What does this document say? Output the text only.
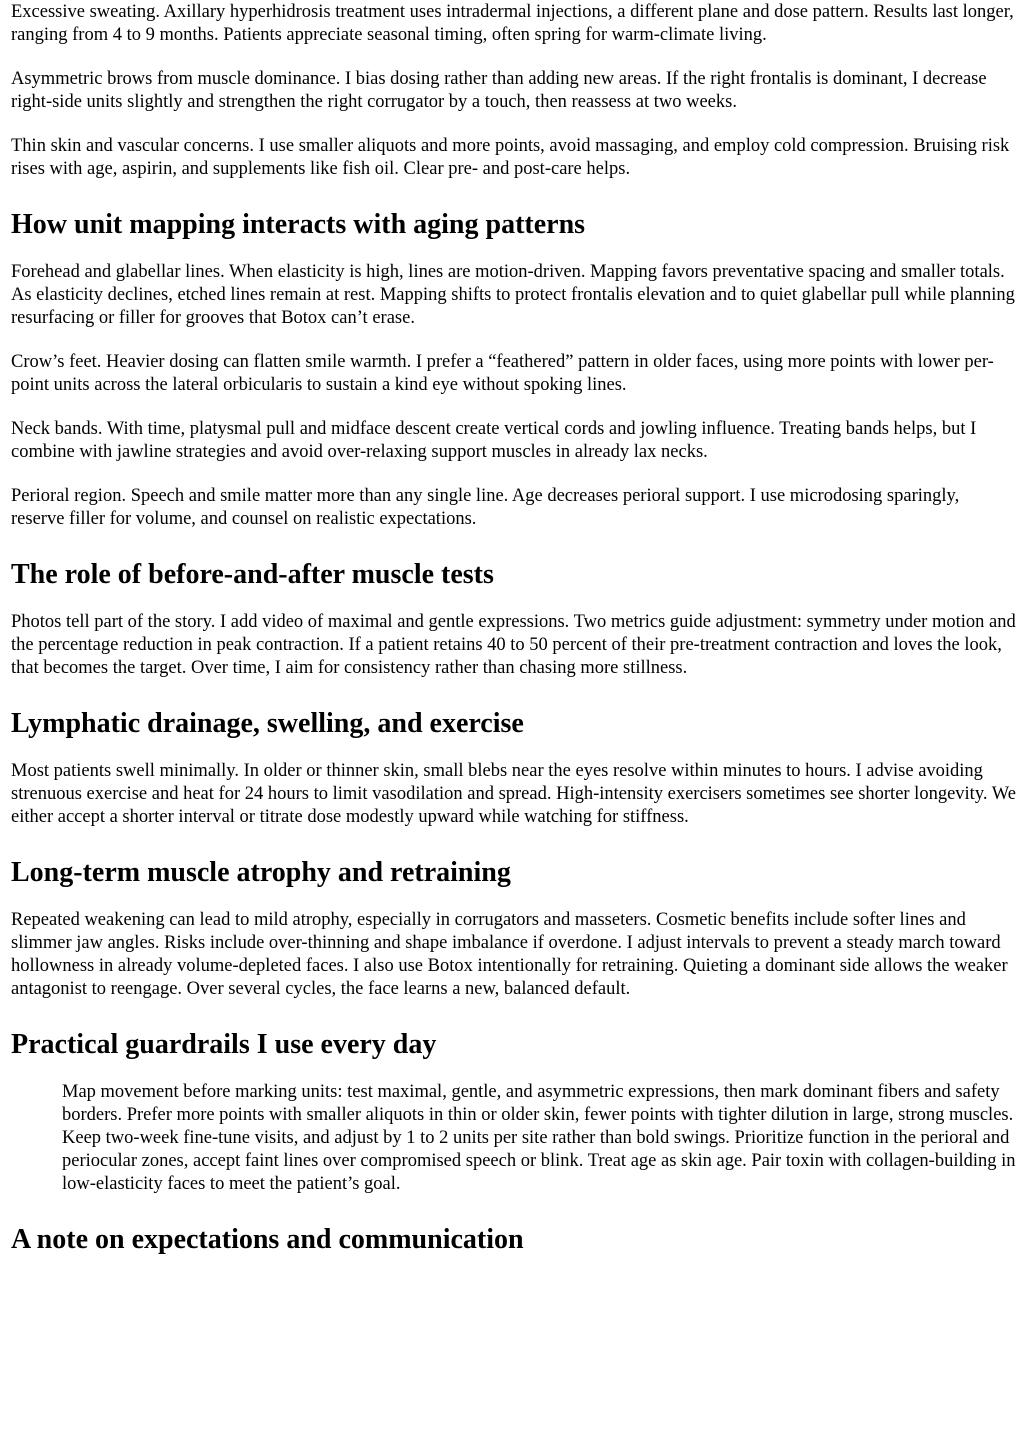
Excessive sweating. Axillary hyperhidrosis treatment uses intradermal injections, a different plane and dose pattern. Results last longer, ranging from 4 to 9 months. Patients appreciate seasonal timing, often spring for warm-climate living.

Asymmetric brows from muscle dominance. I bias dosing rather than adding new areas. If the right frontalis is dominant, I decrease right-side units slightly and strengthen the right corrugator by a touch, then reassess at two weeks.

Thin skin and vascular concerns. I use smaller aliquots and more points, avoid massaging, and employ cold compression. Bruising risk rises with age, aspirin, and supplements like fish oil. Clear pre- and post-care helps.

How unit mapping interacts with aging patterns

Forehead and glabellar lines. When elasticity is high, lines are motion-driven. Mapping favors preventative spacing and smaller totals. As elasticity declines, etched lines remain at rest. Mapping shifts to protect frontalis elevation and to quiet glabellar pull while planning resurfacing or filler for grooves that Botox can’t erase.

Crow’s feet. Heavier dosing can flatten smile warmth. I prefer a “feathered” pattern in older faces, using more points with lower per-point units across the lateral orbicularis to sustain a kind eye without spoking lines.

Neck bands. With time, platysmal pull and midface descent create vertical cords and jowling influence. Treating bands helps, but I combine with jawline strategies and avoid over-relaxing support muscles in already lax necks.

Perioral region. Speech and smile matter more than any single line. Age decreases perioral support. I use microdosing sparingly, reserve filler for volume, and counsel on realistic expectations.

The role of before-and-after muscle tests

Photos tell part of the story. I add video of maximal and gentle expressions. Two metrics guide adjustment: symmetry under motion and the percentage reduction in peak contraction. If a patient retains 40 to 50 percent of their pre-treatment contraction and loves the look, that becomes the target. Over time, I aim for consistency rather than chasing more stillness.

Lymphatic drainage, swelling, and exercise

Most patients swell minimally. In older or thinner skin, small blebs near the eyes resolve within minutes to hours. I advise avoiding strenuous exercise and heat for 24 hours to limit vasodilation and spread. High-intensity exercisers sometimes see shorter longevity. We either accept a shorter interval or titrate dose modestly upward while watching for stiffness.

Long-term muscle atrophy and retraining

Repeated weakening can lead to mild atrophy, especially in corrugators and masseters. Cosmetic benefits include softer lines and slimmer jaw angles. Risks include over-thinning and shape imbalance if overdone. I adjust intervals to prevent a steady march toward hollowness in already volume-depleted faces. I also use Botox intentionally for retraining. Quieting a dominant side allows the weaker antagonist to reengage. Over several cycles, the face learns a new, balanced default.

Practical guardrails I use every day
Map movement before marking units: test maximal, gentle, and asymmetric expressions, then mark dominant fibers and safety borders. Prefer more points with smaller aliquots in thin or older skin, fewer points with tighter dilution in large, strong muscles. Keep two-week fine-tune visits, and adjust by 1 to 2 units per site rather than bold swings. Prioritize function in the perioral and periocular zones, accept faint lines over compromised speech or blink. Treat age as skin age. Pair toxin with collagen-building in low-elasticity faces to meet the patient’s goal.
A note on expectations and communication
